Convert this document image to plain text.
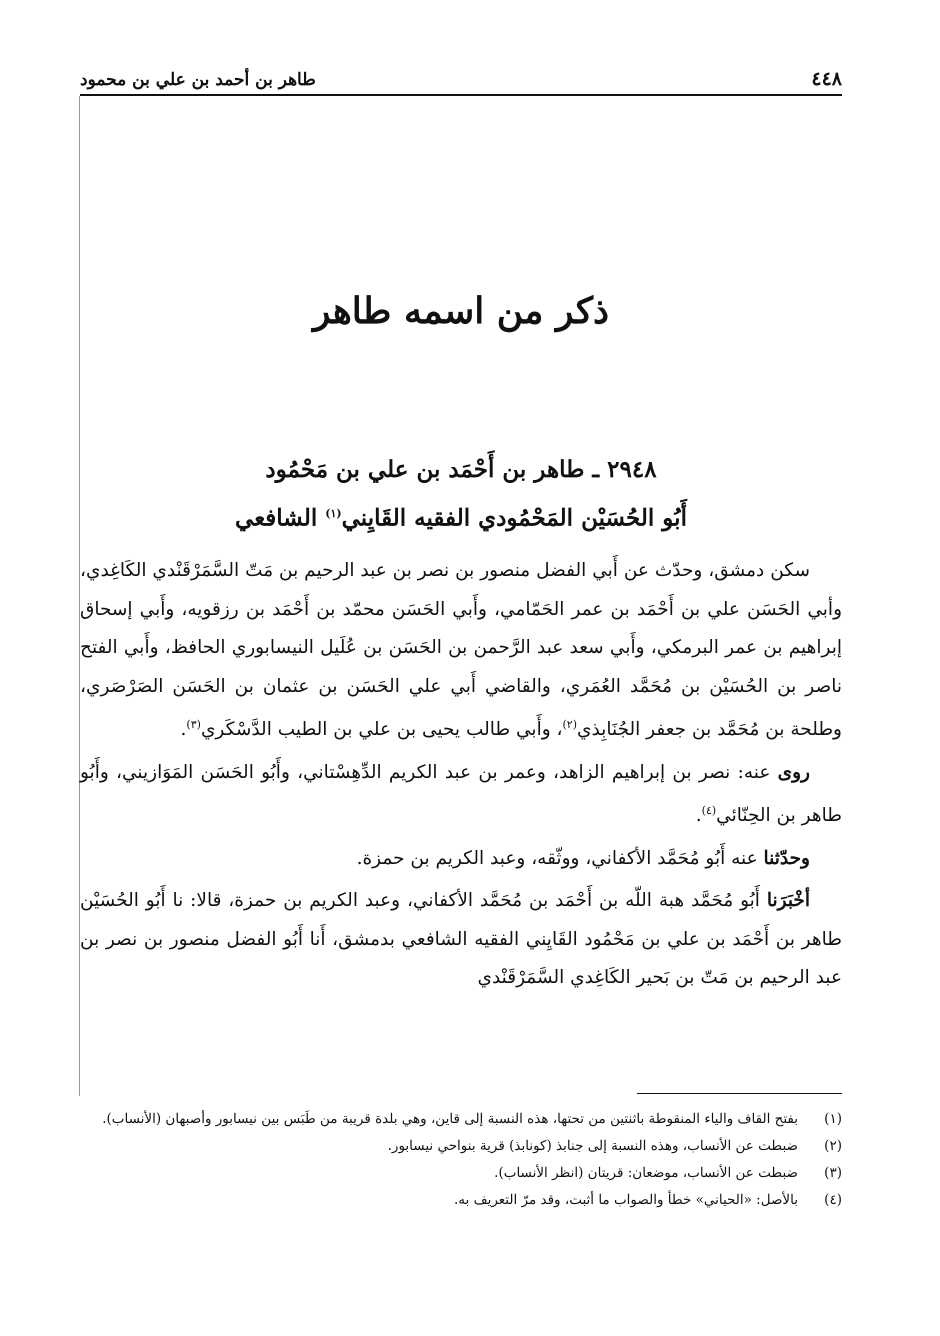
٤٤٨
طاهر بن أحمد بن علي بن محمود
ذكر من اسمه طاهر
٢٩٤٨ ـ طاهر بن أَحْمَد بن علي بن مَحْمُود
أَبُو الحُسَيْن المَحْمُودي الفقيه القَايِني$^{(١)}$ الشافعي

سكن دمشق، وحدّث عن أَبي الفضل منصور بن نصر بن عبد الرحيم بن مَتّ السَّمَرْقَنْدي الكَاغِدي، وأبي الحَسَن علي بن أَحْمَد بن عمر الحَمّامي، وأَبي الحَسَن محمّد بن أَحْمَد بن رزقويه، وأَبي إسحاق إبراهيم بن عمر البرمكي، وأَبي سعد عبد الرَّحمن بن الحَسَن بن عُلَيل النيسابوري الحافظ، وأَبي الفتح ناصر بن الحُسَيْن بن مُحَمَّد العُمَري، والقاضي أَبي علي الحَسَن بن عثمان بن الحَسَن الصَرْصَري، وطلحة بن مُحَمَّد بن جعفر الجُنَابِذي$^{(٢)}$، وأَبي طالب يحيى بن علي بن الطيب الدَّسْكَري$^{(٣)}$.

روى عنه: نصر بن إبراهيم الزاهد، وعمر بن عبد الكريم الدِّهِسْتاني، وأَبُو الحَسَن المَوَازيني، وأَبُو طاهر بن الحِنّائي$^{(٤)}$.

وحدّثنا عنه أَبُو مُحَمَّد الأكفاني، ووثّقه، وعبد الكريم بن حمزة.

أخْبَرَنا أَبُو مُحَمَّد هبة اللّه بن أَحْمَد بن مُحَمَّد الأكفاني، وعبد الكريم بن حمزة، قالا: نا أَبُو الحُسَيْن طاهر بن أَحْمَد بن علي بن مَحْمُود القَايِني الفقيه الشافعي بدمشق، أَنا أَبُو الفضل منصور بن نصر بن عبد الرحيم بن مَتّ بن بَحير الكَاغِدي السَّمَرْقَنْدي

(١)
بفتح القاف والياء المنقوطة باثنتين من تحتها، هذه النسبة إلى قاين، وهي بلدة قريبة من طَبَس بين نيسابور وأصبهان (الأنساب).
(٢)
ضبطت عن الأنساب، وهذه النسبة إلى جنابذ (كونابذ) قرية بنواحي نيسابور.
(٣)
ضبطت عن الأنساب، موضعان: قريتان (انظر الأنساب).
(٤)
بالأصل: «الحياني» خطأ والصواب ما أثبت، وقد مرّ التعريف به.
